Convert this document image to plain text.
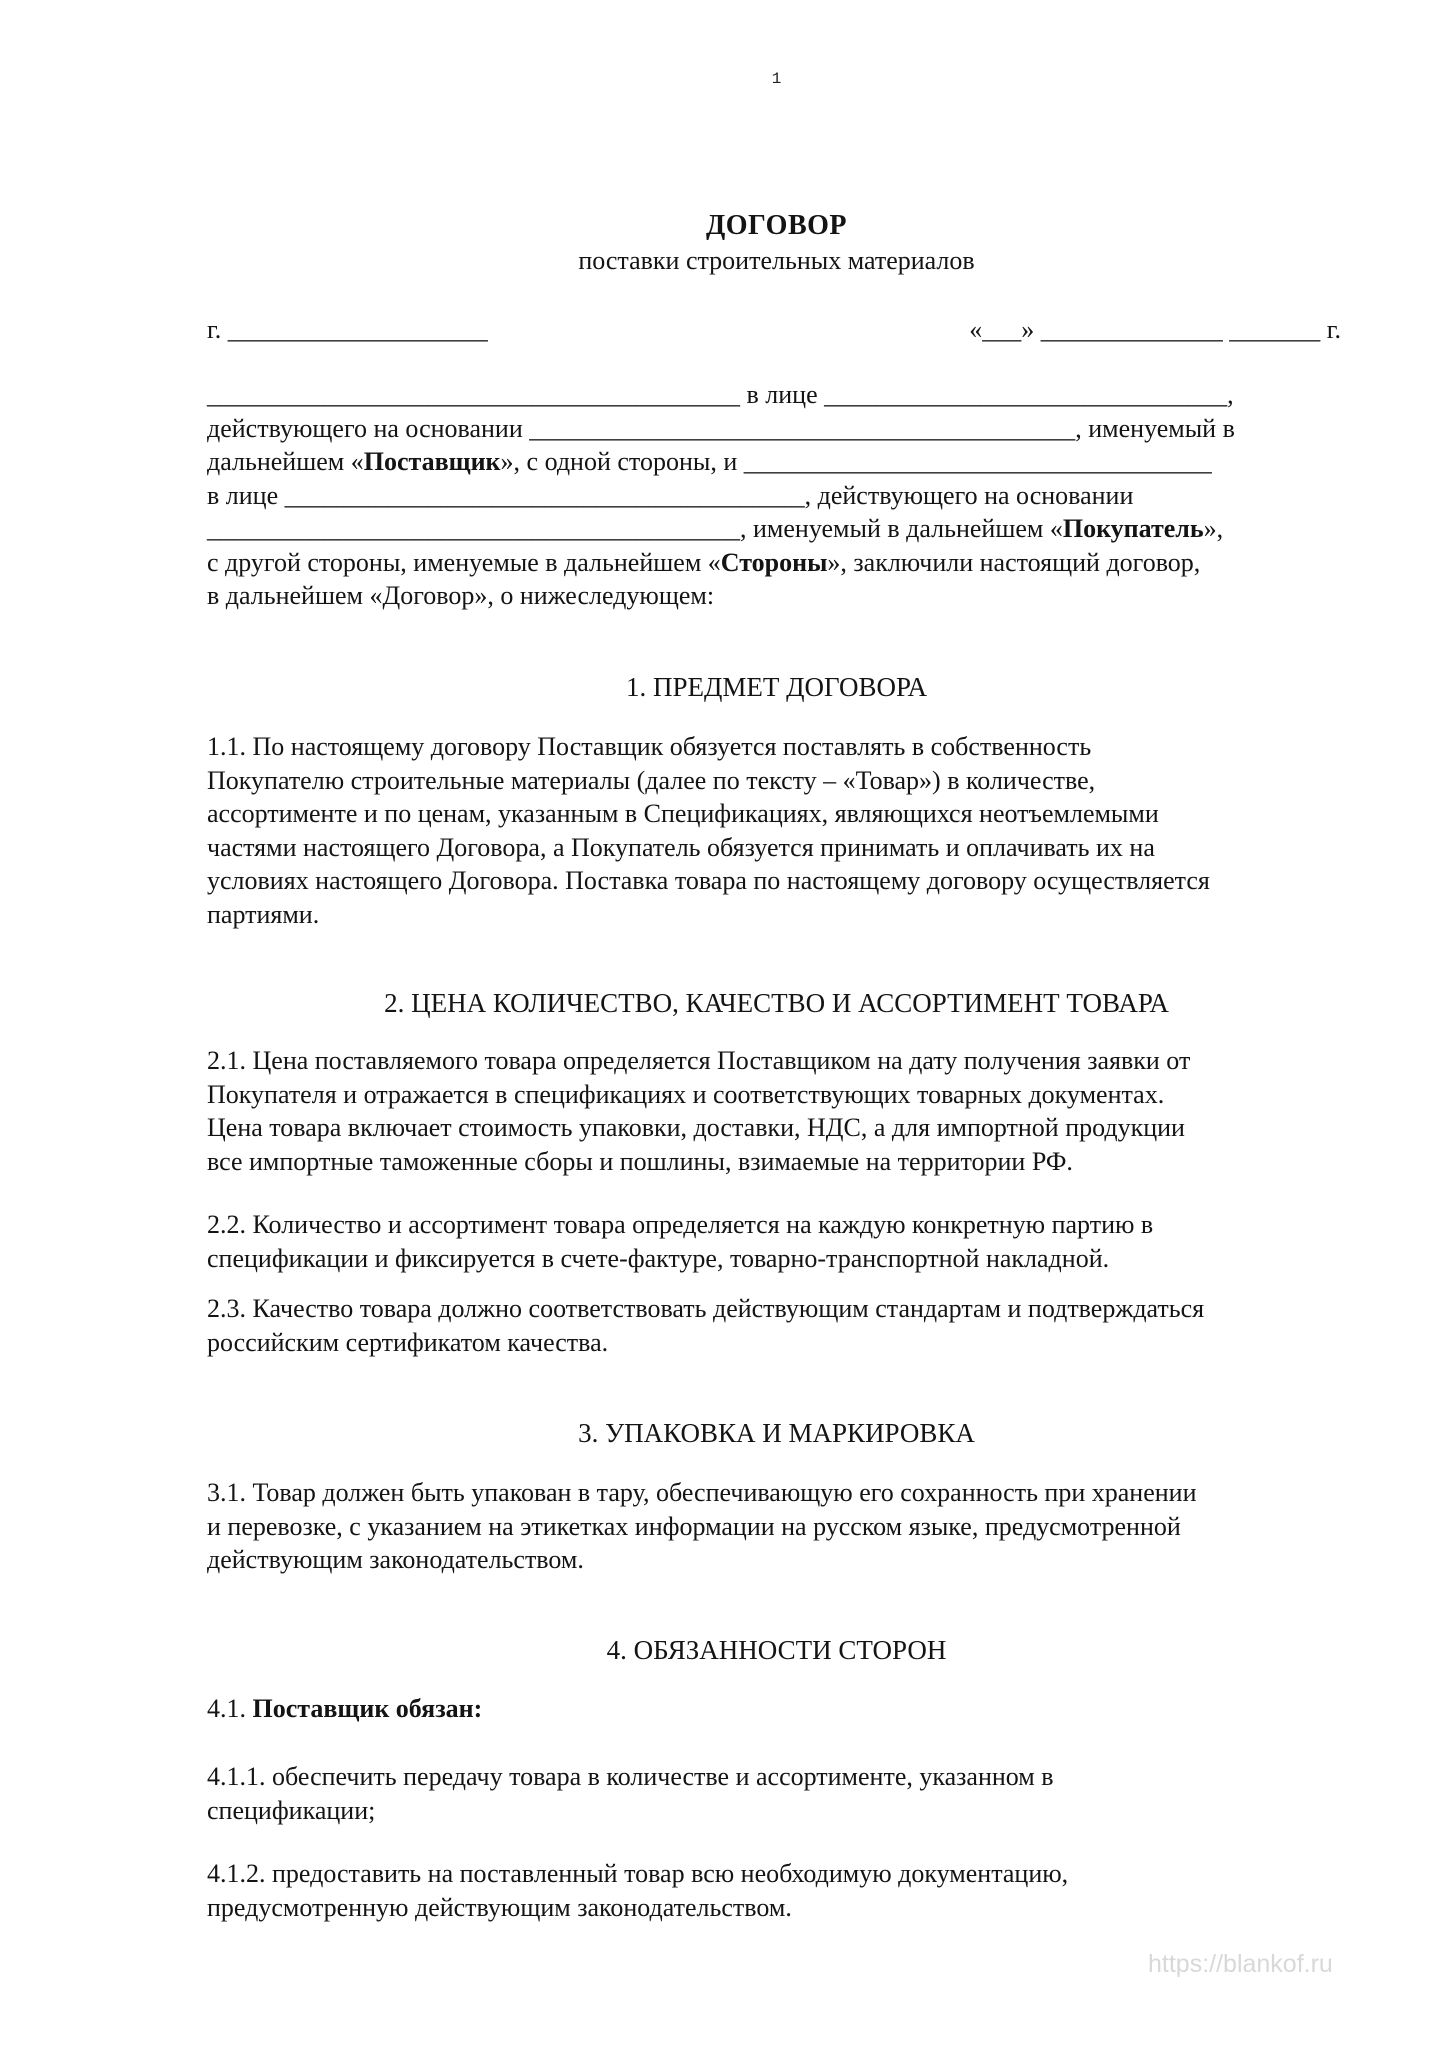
1
ДОГОВОР
поставки строительных материалов
г. ____________________	«___» ______________ _______ г.
_________________________________________ в лице _______________________________,
действующего на основании __________________________________________, именуемый в
дальнейшем «Поставщик», с одной стороны, и ____________________________________
в лице ________________________________________, действующего на основании
_________________________________________, именуемый в дальнейшем «Покупатель»,
с другой стороны, именуемые в дальнейшем «Стороны», заключили настоящий договор,
в дальнейшем «Договор», о нижеследующем:
1. ПРЕДМЕТ ДОГОВОРА
1.1. По настоящему договору Поставщик обязуется поставлять в собственность
Покупателю строительные материалы (далее по тексту – «Товар») в количестве,
ассортименте и по ценам, указанным в Спецификациях, являющихся неотъемлемыми
частями настоящего Договора, а Покупатель обязуется принимать и оплачивать их на
условиях настоящего Договора. Поставка товара по настоящему договору осуществляется
партиями.
2. ЦЕНА КОЛИЧЕСТВО, КАЧЕСТВО И АССОРТИМЕНТ ТОВАРА
2.1. Цена поставляемого товара определяется Поставщиком на дату получения заявки от
Покупателя и отражается в спецификациях и соответствующих товарных документах.
Цена товара включает стоимость упаковки, доставки, НДС, а для импортной продукции
все импортные таможенные сборы и пошлины, взимаемые на территории РФ.
2.2. Количество и ассортимент товара определяется на каждую конкретную партию в
спецификации и фиксируется в счете-фактуре, товарно-транспортной накладной.
2.3. Качество товара должно соответствовать действующим стандартам и подтверждаться
российским сертификатом качества.
3. УПАКОВКА И МАРКИРОВКА
3.1. Товар должен быть упакован в тару, обеспечивающую его сохранность при хранении
и перевозке, с указанием на этикетках информации на русском языке, предусмотренной
действующим законодательством.
4. ОБЯЗАННОСТИ СТОРОН
4.1. Поставщик обязан:
4.1.1. обеспечить передачу товара в количестве и ассортименте, указанном в
спецификации;
4.1.2. предоставить на поставленный товар всю необходимую документацию,
предусмотренную действующим законодательством.
https://blankof.ru
